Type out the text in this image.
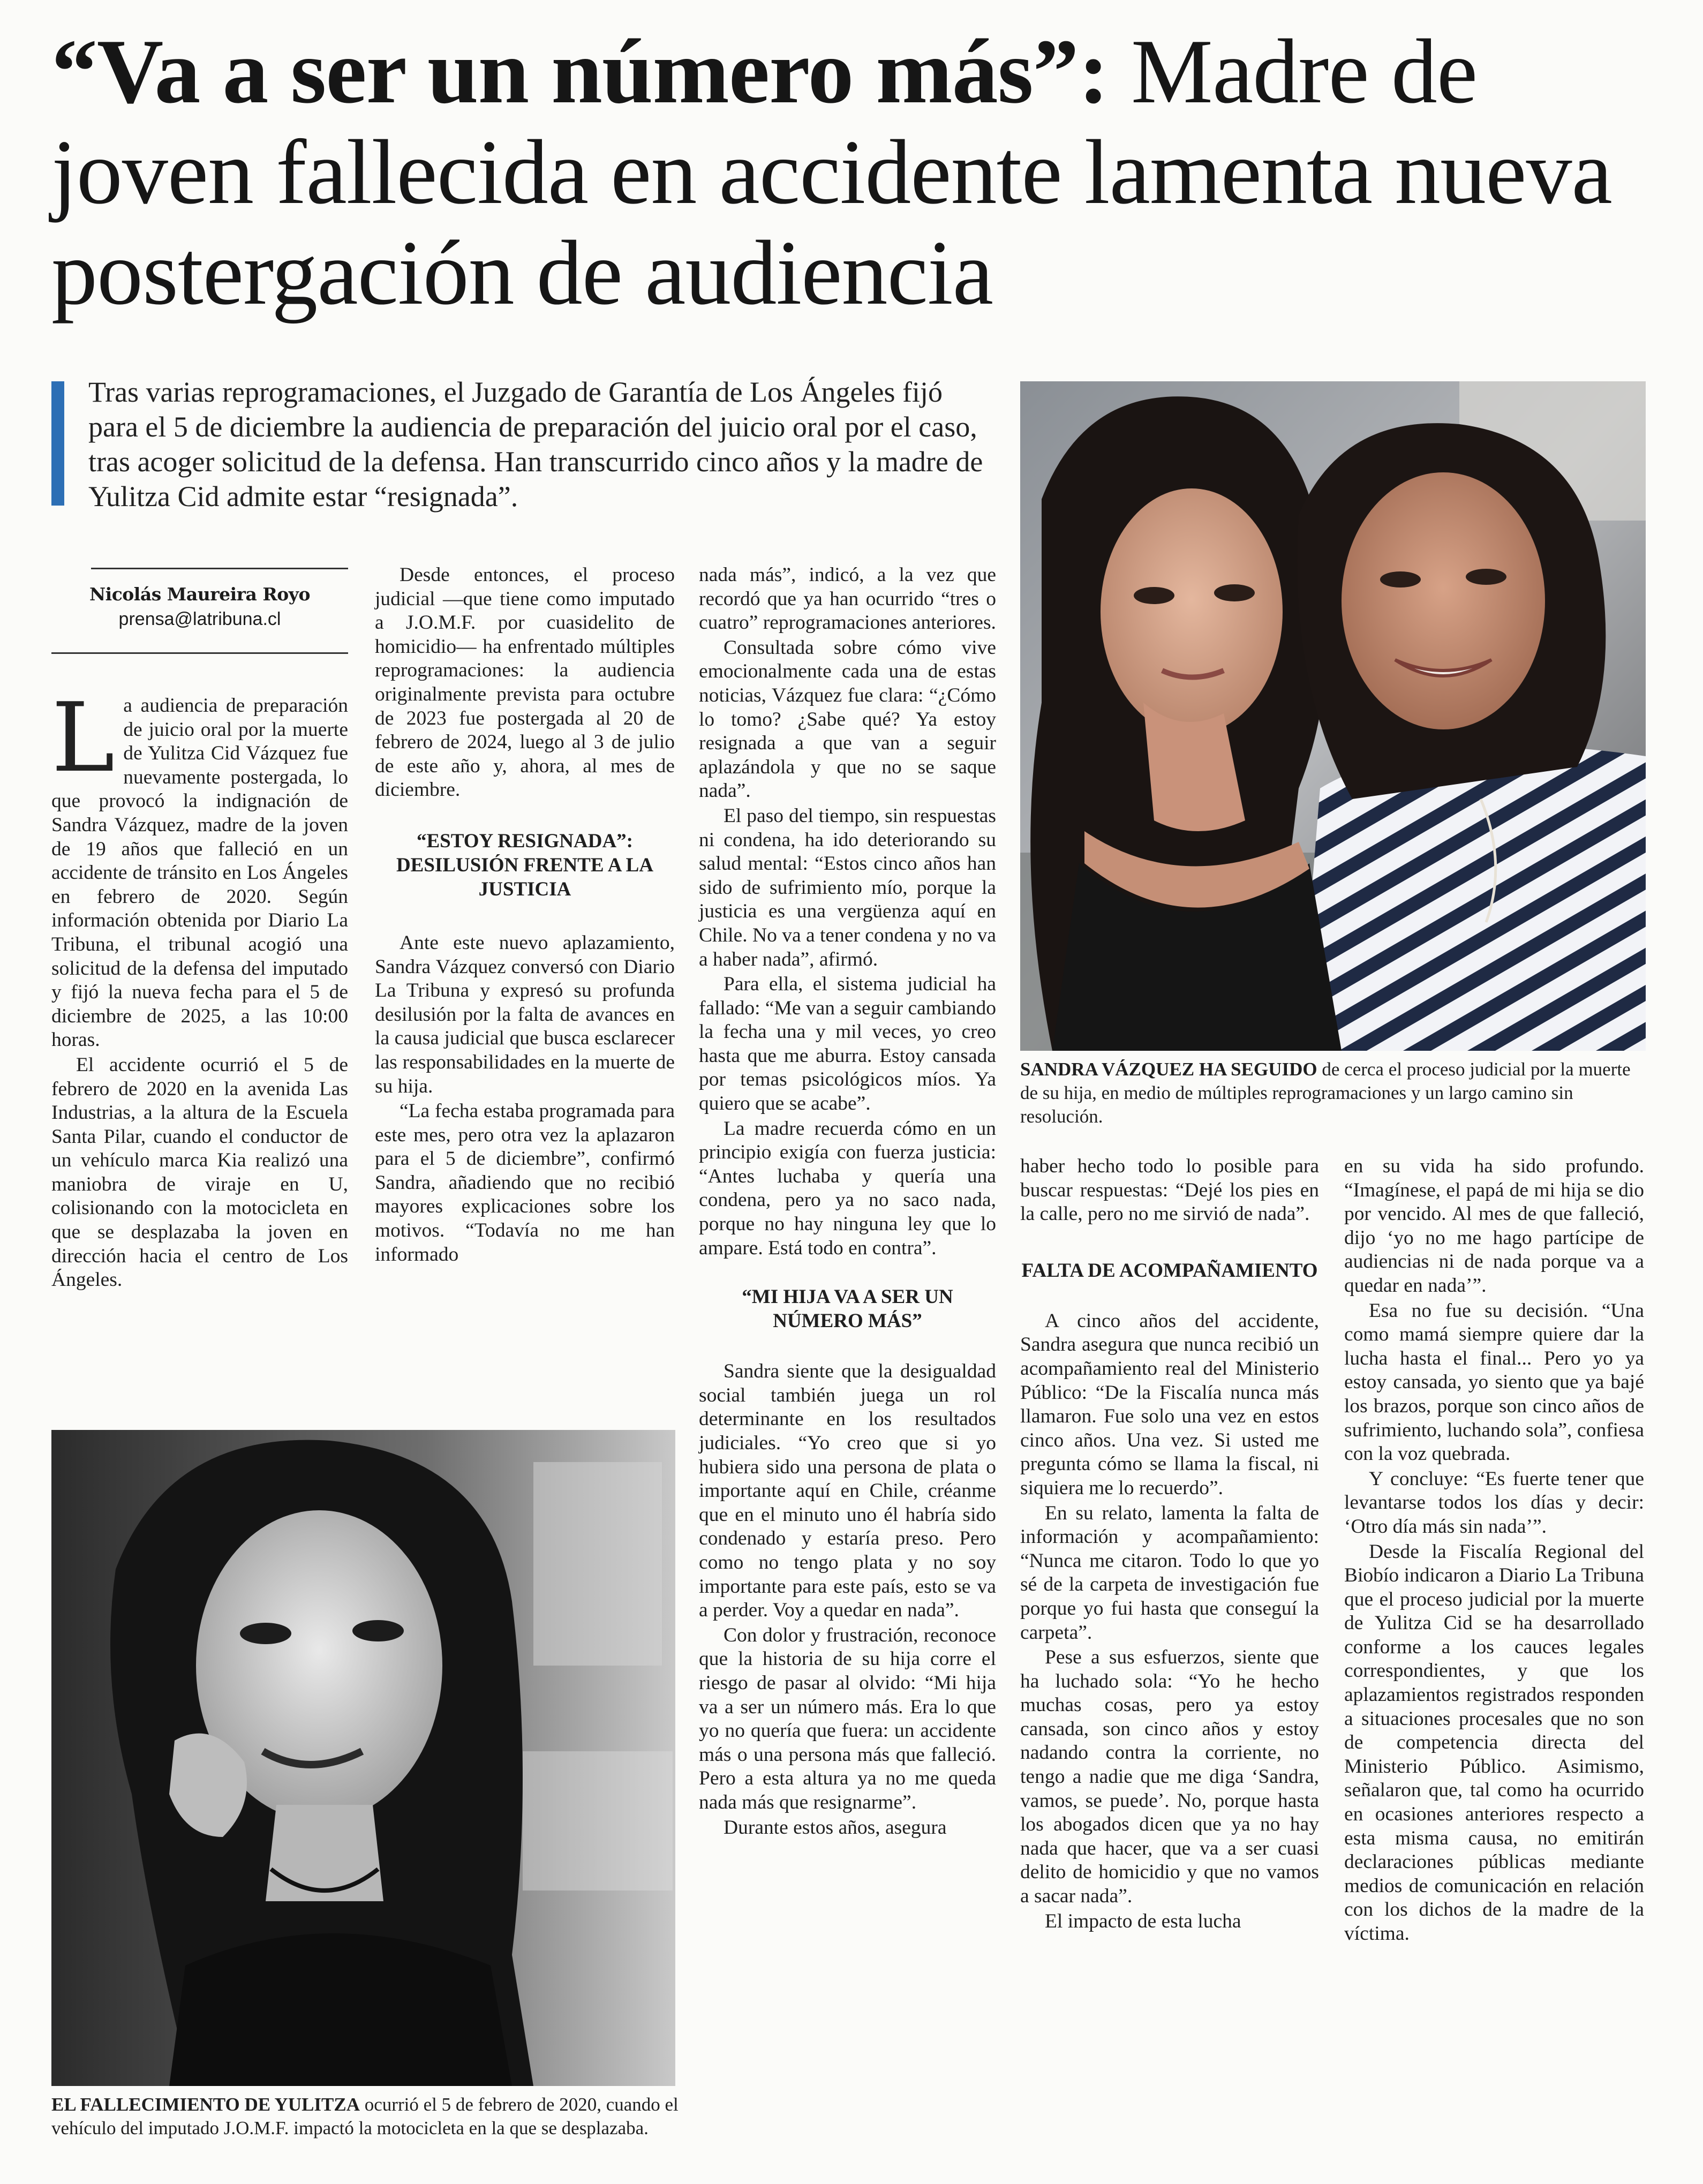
“Va a ser un número más”: Madre de joven fallecida en accidente lamenta nueva postergación de audiencia
Tras varias reprogramaciones, el Juzgado de Garantía de Los Ángeles fijó para el 5 de diciembre la audiencia de preparación del juicio oral por el caso, tras acoger solicitud de la defensa. Han transcurrido cinco años y la madre de Yulitza Cid admite estar “resignada”.
SANDRA VÁZQUEZ HA SEGUIDO de cerca el proceso judicial por la muerte de su hija, en medio de múltiples reprogramaciones y un largo camino sin resolución.
Nicolás Maureira Royo
prensa@latribuna.cl

La audiencia de preparación de juicio oral por la muerte de Yulitza Cid Vázquez fue nuevamente postergada, lo que provocó la indignación de Sandra Vázquez, madre de la joven de 19 años que falleció en un accidente de tránsito en Los Ángeles en febrero de 2020. Según información obtenida por Diario La Tribuna, el tribunal acogió una solicitud de la defensa del imputado y fijó la nueva fecha para el 5 de diciembre de 2025, a las 10:00 horas.

El accidente ocurrió el 5 de febrero de 2020 en la avenida Las Industrias, a la altura de la Escuela Santa Pilar, cuando el conductor de un vehículo marca Kia realizó una maniobra de viraje en U, colisionando con la motocicleta en que se desplazaba la joven en dirección hacia el centro de Los Ángeles.

Desde entonces, el proceso judicial —que tiene como imputado a J.O.M.F. por cuasidelito de homicidio— ha enfrentado múltiples reprogramaciones: la audiencia originalmente prevista para octubre de 2023 fue postergada al 20 de febrero de 2024, luego al 3 de julio de este año y, ahora, al mes de diciembre.

“ESTOY RESIGNADA”: DESILUSIÓN FRENTE A LA JUSTICIA

Ante este nuevo aplazamiento, Sandra Vázquez conversó con Diario La Tribuna y expresó su profunda desilusión por la falta de avances en la causa judicial que busca esclarecer las responsabilidades en la muerte de su hija.

“La fecha estaba programada para este mes, pero otra vez la aplazaron para el 5 de diciembre”, confirmó Sandra, añadiendo que no recibió mayores explicaciones sobre los motivos. “Todavía no me han informado

nada más”, indicó, a la vez que recordó que ya han ocurrido “tres o cuatro” reprogramaciones anteriores.

Consultada sobre cómo vive emocionalmente cada una de estas noticias, Vázquez fue clara: “¿Cómo lo tomo? ¿Sabe qué? Ya estoy resignada a que van a seguir aplazándola y que no se saque nada”.

El paso del tiempo, sin respuestas ni condena, ha ido deteriorando su salud mental: “Estos cinco años han sido de sufrimiento mío, porque la justicia es una vergüenza aquí en Chile. No va a tener condena y no va a haber nada”, afirmó.

Para ella, el sistema judicial ha fallado: “Me van a seguir cambiando la fecha una y mil veces, yo creo hasta que me aburra. Estoy cansada por temas psicológicos míos. Ya quiero que se acabe”.

La madre recuerda cómo en un principio exigía con fuerza justicia: “Antes luchaba y quería una condena, pero ya no saco nada, porque no hay ninguna ley que lo ampare. Está todo en contra”.

“MI HIJA VA A SER UN NÚMERO MÁS”

Sandra siente que la desigualdad social también juega un rol determinante en los resultados judiciales. “Yo creo que si yo hubiera sido una persona de plata o importante aquí en Chile, créanme que en el minuto uno él habría sido condenado y estaría preso. Pero como no tengo plata y no soy importante para este país, esto se va a perder. Voy a quedar en nada”.

Con dolor y frustración, reconoce que la historia de su hija corre el riesgo de pasar al olvido: “Mi hija va a ser un número más. Era lo que yo no quería que fuera: un accidente más o una persona más que falleció. Pero a esta altura ya no me queda nada más que resignarme”.

Durante estos años, asegura

haber hecho todo lo posible para buscar respuestas: “Dejé los pies en la calle, pero no me sirvió de nada”.

FALTA DE ACOMPAÑAMIENTO

A cinco años del accidente, Sandra asegura que nunca recibió un acompañamiento real del Ministerio Público: “De la Fiscalía nunca más llamaron. Fue solo una vez en estos cinco años. Una vez. Si usted me pregunta cómo se llama la fiscal, ni siquiera me lo recuerdo”.

En su relato, lamenta la falta de información y acompañamiento: “Nunca me citaron. Todo lo que yo sé de la carpeta de investigación fue porque yo fui hasta que conseguí la carpeta”.

Pese a sus esfuerzos, siente que ha luchado sola: “Yo he hecho muchas cosas, pero ya estoy cansada, son cinco años y estoy nadando contra la corriente, no tengo a nadie que me diga ‘Sandra, vamos, se puede’. No, porque hasta los abogados dicen que ya no hay nada que hacer, que va a ser cuasi delito de homicidio y que no vamos a sacar nada”.

El impacto de esta lucha

en su vida ha sido profundo. “Imagínese, el papá de mi hija se dio por vencido. Al mes de que falleció, dijo ‘yo no me hago partícipe de audiencias ni de nada porque va a quedar en nada’”.

Esa no fue su decisión. “Una como mamá siempre quiere dar la lucha hasta el final... Pero yo ya estoy cansada, yo siento que ya bajé los brazos, porque son cinco años de sufrimiento, luchando sola”, confiesa con la voz quebrada.

Y concluye: “Es fuerte tener que levantarse todos los días y decir: ‘Otro día más sin nada’”.

Desde la Fiscalía Regional del Biobío indicaron a Diario La Tribuna que el proceso judicial por la muerte de Yulitza Cid se ha desarrollado conforme a los cauces legales correspondientes, y que los aplazamientos registrados responden a situaciones procesales que no son de competencia directa del Ministerio Público. Asimismo, señalaron que, tal como ha ocurrido en ocasiones anteriores respecto a esta misma causa, no emitirán declaraciones públicas mediante medios de comunicación en relación con los dichos de la madre de la víctima.

EL FALLECIMIENTO DE YULITZA ocurrió el 5 de febrero de 2020, cuando el vehículo del imputado J.O.M.F. impactó la motocicleta en la que se desplazaba.
